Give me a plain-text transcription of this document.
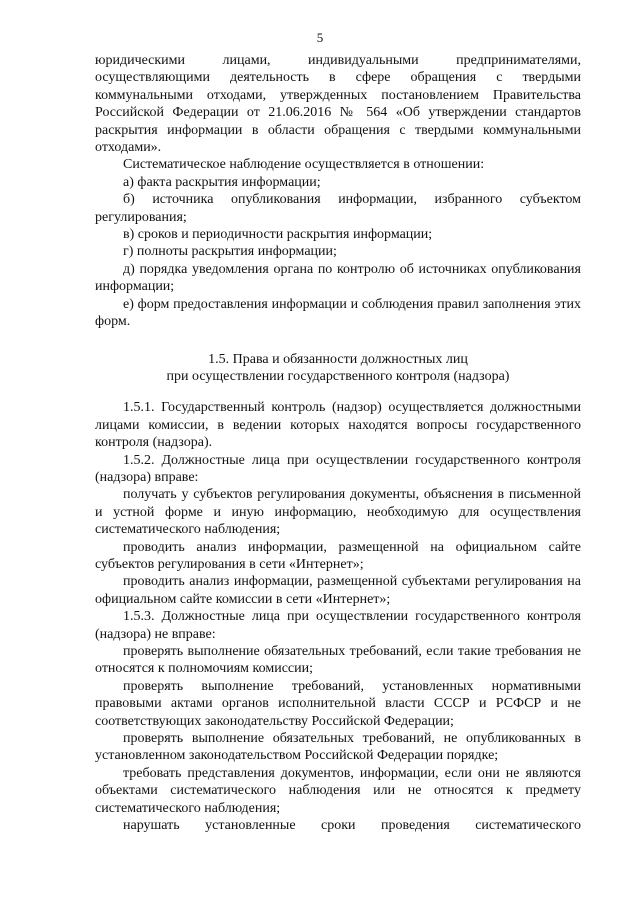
5

юридическими лицами, индивидуальными предпринимателями, осуществляющими деятельность в сфере обращения с твердыми коммунальными отходами, утвержденных постановлением Правительства Российской Федерации от 21.06.2016 № 564 «Об утверждении стандартов раскрытия информации в области обращения с твердыми коммунальными отходами».

Систематическое наблюдение осуществляется в отношении:

а) факта раскрытия информации;

б) источника опубликования информации, избранного субъектом регулирования;

в) сроков и периодичности раскрытия информации;

г) полноты раскрытия информации;

д) порядка уведомления органа по контролю об источниках опубликования информации;

е) форм предоставления информации и соблюдения правил заполнения этих форм.

1.5. Права и обязанности должностных лиц
при осуществлении государственного контроля (надзора)

1.5.1. Государственный контроль (надзор) осуществляется должностными лицами комиссии, в ведении которых находятся вопросы государственного контроля (надзора).

1.5.2. Должностные лица при осуществлении государственного контроля (надзора) вправе:

получать у субъектов регулирования документы, объяснения в письменной и устной форме и иную информацию, необходимую для осуществления систематического наблюдения;

проводить анализ информации, размещенной на официальном сайте субъектов регулирования в сети «Интернет»;

проводить анализ информации, размещенной субъектами регулирования на официальном сайте комиссии в сети «Интернет»;

1.5.3. Должностные лица при осуществлении государственного контроля (надзора) не вправе:

проверять выполнение обязательных требований, если такие требования не относятся к полномочиям комиссии;

проверять выполнение требований, установленных нормативными правовыми актами органов исполнительной власти СССР и РСФСР и не соответствующих законодательству Российской Федерации;

проверять выполнение обязательных требований, не опубликованных в установленном законодательством Российской Федерации порядке;

требовать представления документов, информации, если они не являются объектами систематического наблюдения или не относятся к предмету систематического наблюдения;

нарушать установленные сроки проведения систематического
